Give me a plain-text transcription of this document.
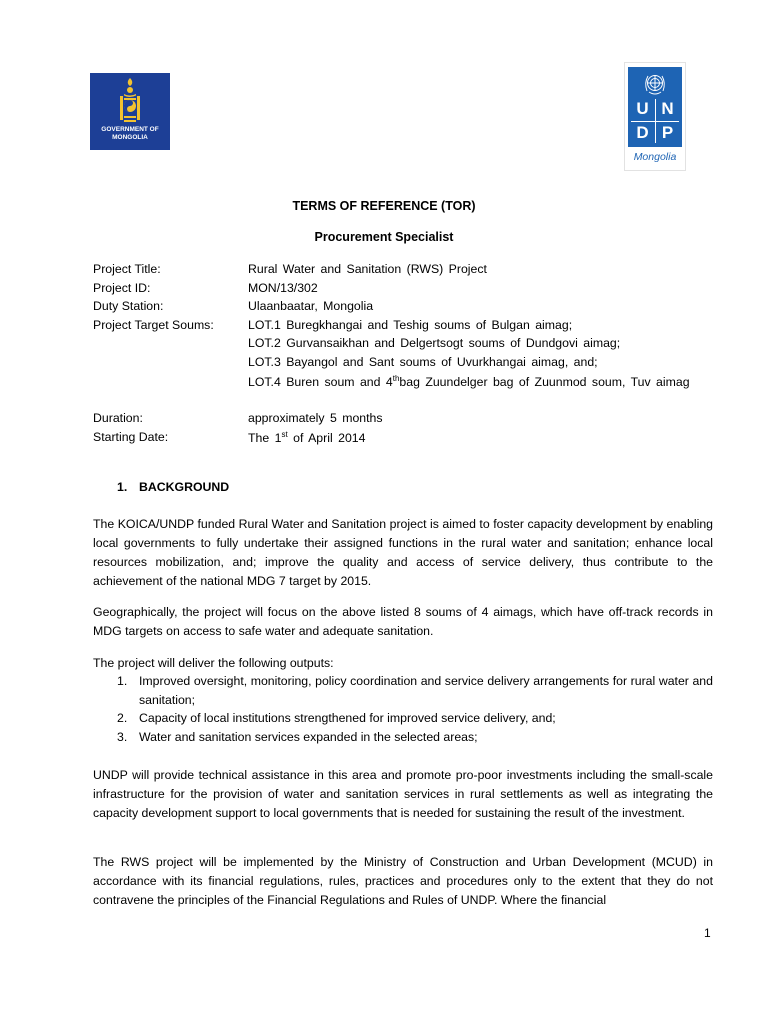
GOVERNMENT OF
MONGOLIA
U N
D P
Mongolia
TERMS OF REFERENCE (TOR)
Procurement Specialist
Project Title:	Rural Water and Sanitation (RWS) Project
Project ID:	MON/13/302
Duty Station:	Ulaanbaatar, Mongolia
Project Target Soums:	LOT.1 Buregkhangai and Teshig soums of Bulgan aimag;
LOT.2 Gurvansaikhan and Delgertsogt soums of Dundgovi aimag;
LOT.3 Bayangol and Sant soums of Uvurkhangai aimag, and;
LOT.4 Buren soum and 4thbag Zuundelger bag of Zuunmod soum, Tuv aimag
Duration:	approximately 5 months
Starting Date:	The 1st of April 2014
1. BACKGROUND
The KOICA/UNDP funded Rural Water and Sanitation project is aimed to foster capacity development by enabling local governments to fully undertake their assigned functions in the rural water and sanitation; enhance local resources mobilization, and; improve the quality and access of service delivery, thus contribute to the achievement of the national MDG 7 target by 2015.
Geographically, the project will focus on the above listed 8 soums of 4 aimags, which have off-track records in MDG targets on access to safe water and adequate sanitation.
The project will deliver the following outputs:
1. Improved oversight, monitoring, policy coordination and service delivery arrangements for rural water and sanitation;
2. Capacity of local institutions strengthened for improved service delivery, and;
3. Water and sanitation services expanded in the selected areas;
UNDP will provide technical assistance in this area and promote pro-poor investments including the small-scale infrastructure for the provision of water and sanitation services in rural settlements as well as integrating the capacity development support to local governments that is needed for sustaining the result of the investment.
The RWS project will be implemented by the Ministry of Construction and Urban Development (MCUD) in accordance with its financial regulations, rules, practices and procedures only to the extent that they do not contravene the principles of the Financial Regulations and Rules of UNDP. Where the financial
1
